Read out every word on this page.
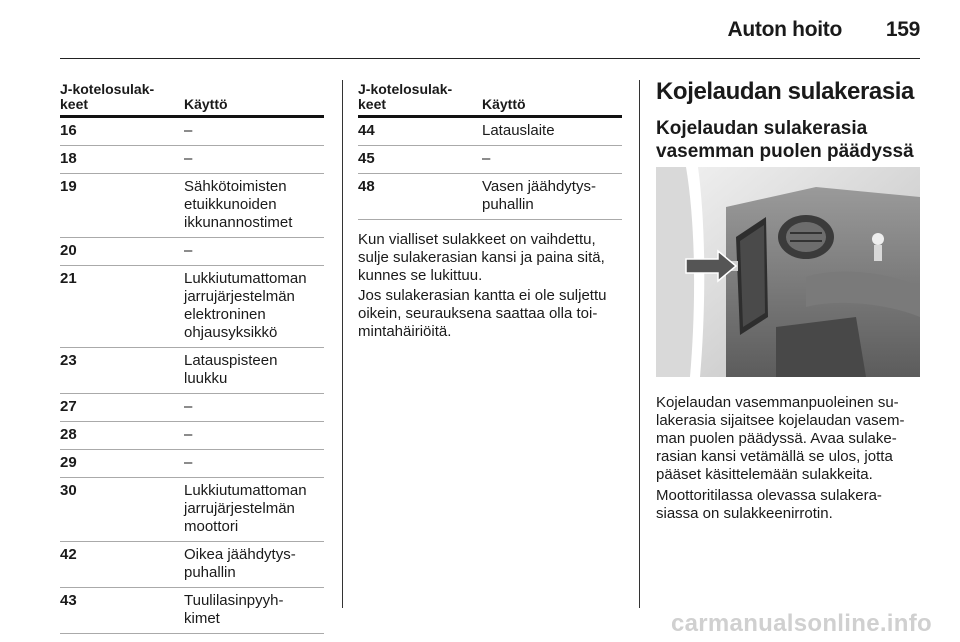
Auton hoito 159
J-kotelosulak-
keet	Käyttö
16	–
18	–
19	Sähkötoimisten
etuikkunoiden
ikkunannostimet
20	–
21	Lukkiutumattoman
jarrujärjestelmän
elektroninen
ohjausyksikkö
23	Latauspisteen
luukku
27	–
28	–
29	–
30	Lukkiutumattoman
jarrujärjestelmän
moottori
42	Oikea jäähdytys-
puhallin
43	Tuulilasinpyyh-
kimet
J-kotelosulak-
keet	Käyttö
44	Latauslaite
45	–
48	Vasen jäähdytys-
puhallin

Kun vialliset sulakkeet on vaihdettu,
sulje sulakerasian kansi ja paina sitä,
kunnes se lukittuu.

Jos sulakerasian kantta ei ole suljettu
oikein, seurauksena saattaa olla toi-
mintahäiriöitä.

Kojelaudan sulakerasia
Kojelaudan sulakerasia
vasemman puolen päädyssä

Kojelaudan vasemmanpuoleinen su-
lakerasia sijaitsee kojelaudan vasem-
man puolen päädyssä. Avaa sulake-
rasian kansi vetämällä se ulos, jotta
pääset käsittelemään sulakkeita.

Moottoritilassa olevassa sulakera-
siassa on sulakkeenirrotin.

carmanualsonline.info
